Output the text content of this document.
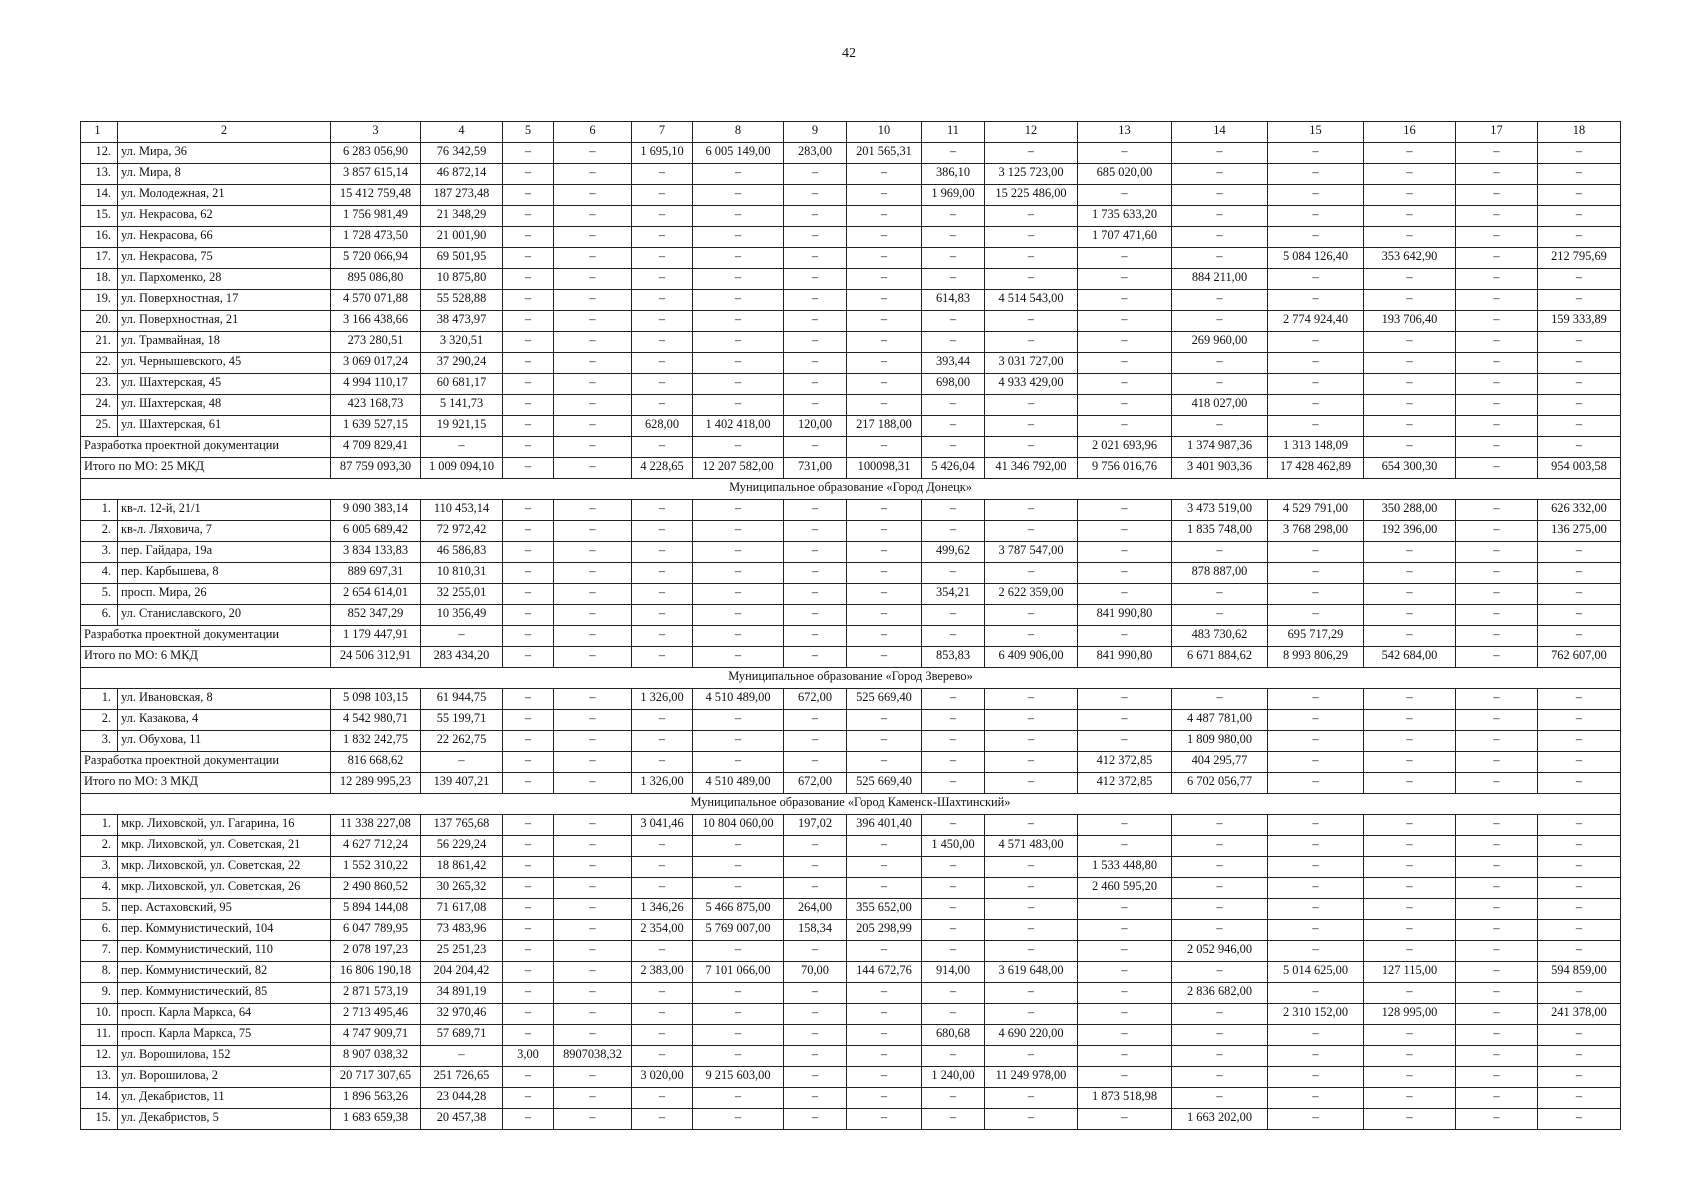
42
1	2	3	4	5	6	7	8	9	10	11	12	13	14	15	16	17	18
12.	ул. Мира, 36	6 283 056,90	76 342,59	–	–	1 695,10	6 005 149,00	283,00	201 565,31	–	–	–	–	–	–	–	–
13.	ул. Мира, 8	3 857 615,14	46 872,14	–	–	–	–	–	–	386,10	3 125 723,00	685 020,00	–	–	–	–	–
14.	ул. Молодежная, 21	15 412 759,48	187 273,48	–	–	–	–	–	–	1 969,00	15 225 486,00	–	–	–	–	–	–
15.	ул. Некрасова, 62	1 756 981,49	21 348,29	–	–	–	–	–	–	–	–	1 735 633,20	–	–	–	–	–
16.	ул. Некрасова, 66	1 728 473,50	21 001,90	–	–	–	–	–	–	–	–	1 707 471,60	–	–	–	–	–
17.	ул. Некрасова, 75	5 720 066,94	69 501,95	–	–	–	–	–	–	–	–	–	–	5 084 126,40	353 642,90	–	212 795,69
18.	ул. Пархоменко, 28	895 086,80	10 875,80	–	–	–	–	–	–	–	–	–	884 211,00	–	–	–	–
19.	ул. Поверхностная, 17	4 570 071,88	55 528,88	–	–	–	–	–	–	614,83	4 514 543,00	–	–	–	–	–	–
20.	ул. Поверхностная, 21	3 166 438,66	38 473,97	–	–	–	–	–	–	–	–	–	–	2 774 924,40	193 706,40	–	159 333,89
21.	ул. Трамвайная, 18	273 280,51	3 320,51	–	–	–	–	–	–	–	–	–	269 960,00	–	–	–	–
22.	ул. Чернышевского, 45	3 069 017,24	37 290,24	–	–	–	–	–	–	393,44	3 031 727,00	–	–	–	–	–	–
23.	ул. Шахтерская, 45	4 994 110,17	60 681,17	–	–	–	–	–	–	698,00	4 933 429,00	–	–	–	–	–	–
24.	ул. Шахтерская, 48	423 168,73	5 141,73	–	–	–	–	–	–	–	–	–	418 027,00	–	–	–	–
25.	ул. Шахтерская, 61	1 639 527,15	19 921,15	–	–	628,00	1 402 418,00	120,00	217 188,00	–	–	–	–	–	–	–	–
Разработка проектной документации		4 709 829,41	–	–	–	–	–	–	–	–	–	2 021 693,96	1 374 987,36	1 313 148,09	–	–	–
Итого по МО: 25 МКД		87 759 093,30	1 009 094,10	–	–	4 228,65	12 207 582,00	731,00	100098,31	5 426,04	41 346 792,00	9 756 016,76	3 401 903,36	17 428 462,89	654 300,30	–	954 003,58
Муниципальное образование «Город Донецк»																	
1.	кв-л. 12-й, 21/1	9 090 383,14	110 453,14	–	–	–	–	–	–	–	–	–	3 473 519,00	4 529 791,00	350 288,00	–	626 332,00
2.	кв-л. Ляховича, 7	6 005 689,42	72 972,42	–	–	–	–	–	–	–	–	–	1 835 748,00	3 768 298,00	192 396,00	–	136 275,00
3.	пер. Гайдара, 19а	3 834 133,83	46 586,83	–	–	–	–	–	–	499,62	3 787 547,00	–	–	–	–	–	–
4.	пер. Карбышева, 8	889 697,31	10 810,31	–	–	–	–	–	–	–	–	–	878 887,00	–	–	–	–
5.	просп. Мира, 26	2 654 614,01	32 255,01	–	–	–	–	–	–	354,21	2 622 359,00	–	–	–	–	–	–
6.	ул. Станиславского, 20	852 347,29	10 356,49	–	–	–	–	–	–	–	–	841 990,80	–	–	–	–	–
Разработка проектной документации		1 179 447,91	–	–	–	–	–	–	–	–	–	–	483 730,62	695 717,29	–	–	–
Итого по МО: 6 МКД		24 506 312,91	283 434,20	–	–	–	–	–	–	853,83	6 409 906,00	841 990,80	6 671 884,62	8 993 806,29	542 684,00	–	762 607,00
Муниципальное образование «Город Зверево»																	
1.	ул. Ивановская, 8	5 098 103,15	61 944,75	–	–	1 326,00	4 510 489,00	672,00	525 669,40	–	–	–	–	–	–	–	–
2.	ул. Казакова, 4	4 542 980,71	55 199,71	–	–	–	–	–	–	–	–	–	4 487 781,00	–	–	–	–
3.	ул. Обухова, 11	1 832 242,75	22 262,75	–	–	–	–	–	–	–	–	–	1 809 980,00	–	–	–	–
Разработка проектной документации		816 668,62	–	–	–	–	–	–	–	–	–	412 372,85	404 295,77	–	–	–	–
Итого по МО: 3 МКД		12 289 995,23	139 407,21	–	–	1 326,00	4 510 489,00	672,00	525 669,40	–	–	412 372,85	6 702 056,77	–	–	–	–
Муниципальное образование «Город Каменск-Шахтинский»																	
1.	мкр. Лиховской, ул. Гагарина, 16	11 338 227,08	137 765,68	–	–	3 041,46	10 804 060,00	197,02	396 401,40	–	–	–	–	–	–	–	–
2.	мкр. Лиховской, ул. Советская, 21	4 627 712,24	56 229,24	–	–	–	–	–	–	1 450,00	4 571 483,00	–	–	–	–	–	–
3.	мкр. Лиховской, ул. Советская, 22	1 552 310,22	18 861,42	–	–	–	–	–	–	–	–	1 533 448,80	–	–	–	–	–
4.	мкр. Лиховской, ул. Советская, 26	2 490 860,52	30 265,32	–	–	–	–	–	–	–	–	2 460 595,20	–	–	–	–	–
5.	пер. Астаховский, 95	5 894 144,08	71 617,08	–	–	1 346,26	5 466 875,00	264,00	355 652,00	–	–	–	–	–	–	–	–
6.	пер. Коммунистический, 104	6 047 789,95	73 483,96	–	–	2 354,00	5 769 007,00	158,34	205 298,99	–	–	–	–	–	–	–	–
7.	пер. Коммунистический, 110	2 078 197,23	25 251,23	–	–	–	–	–	–	–	–	–	2 052 946,00	–	–	–	–
8.	пер. Коммунистический, 82	16 806 190,18	204 204,42	–	–	2 383,00	7 101 066,00	70,00	144 672,76	914,00	3 619 648,00	–	–	5 014 625,00	127 115,00	–	594 859,00
9.	пер. Коммунистический, 85	2 871 573,19	34 891,19	–	–	–	–	–	–	–	–	–	2 836 682,00	–	–	–	–
10.	просп. Карла Маркса, 64	2 713 495,46	32 970,46	–	–	–	–	–	–	–	–	–	–	2 310 152,00	128 995,00	–	241 378,00
11.	просп. Карла Маркса, 75	4 747 909,71	57 689,71	–	–	–	–	–	–	680,68	4 690 220,00	–	–	–	–	–	–
12.	ул. Ворошилова, 152	8 907 038,32	–	3,00	8907038,32	–	–	–	–	–	–	–	–	–	–	–	–
13.	ул. Ворошилова, 2	20 717 307,65	251 726,65	–	–	3 020,00	9 215 603,00	–	–	1 240,00	11 249 978,00	–	–	–	–	–	–
14.	ул. Декабристов, 11	1 896 563,26	23 044,28	–	–	–	–	–	–	–	–	1 873 518,98	–	–	–	–	–
15.	ул. Декабристов, 5	1 683 659,38	20 457,38	–	–	–	–	–	–	–	–	–	1 663 202,00	–	–	–	–
